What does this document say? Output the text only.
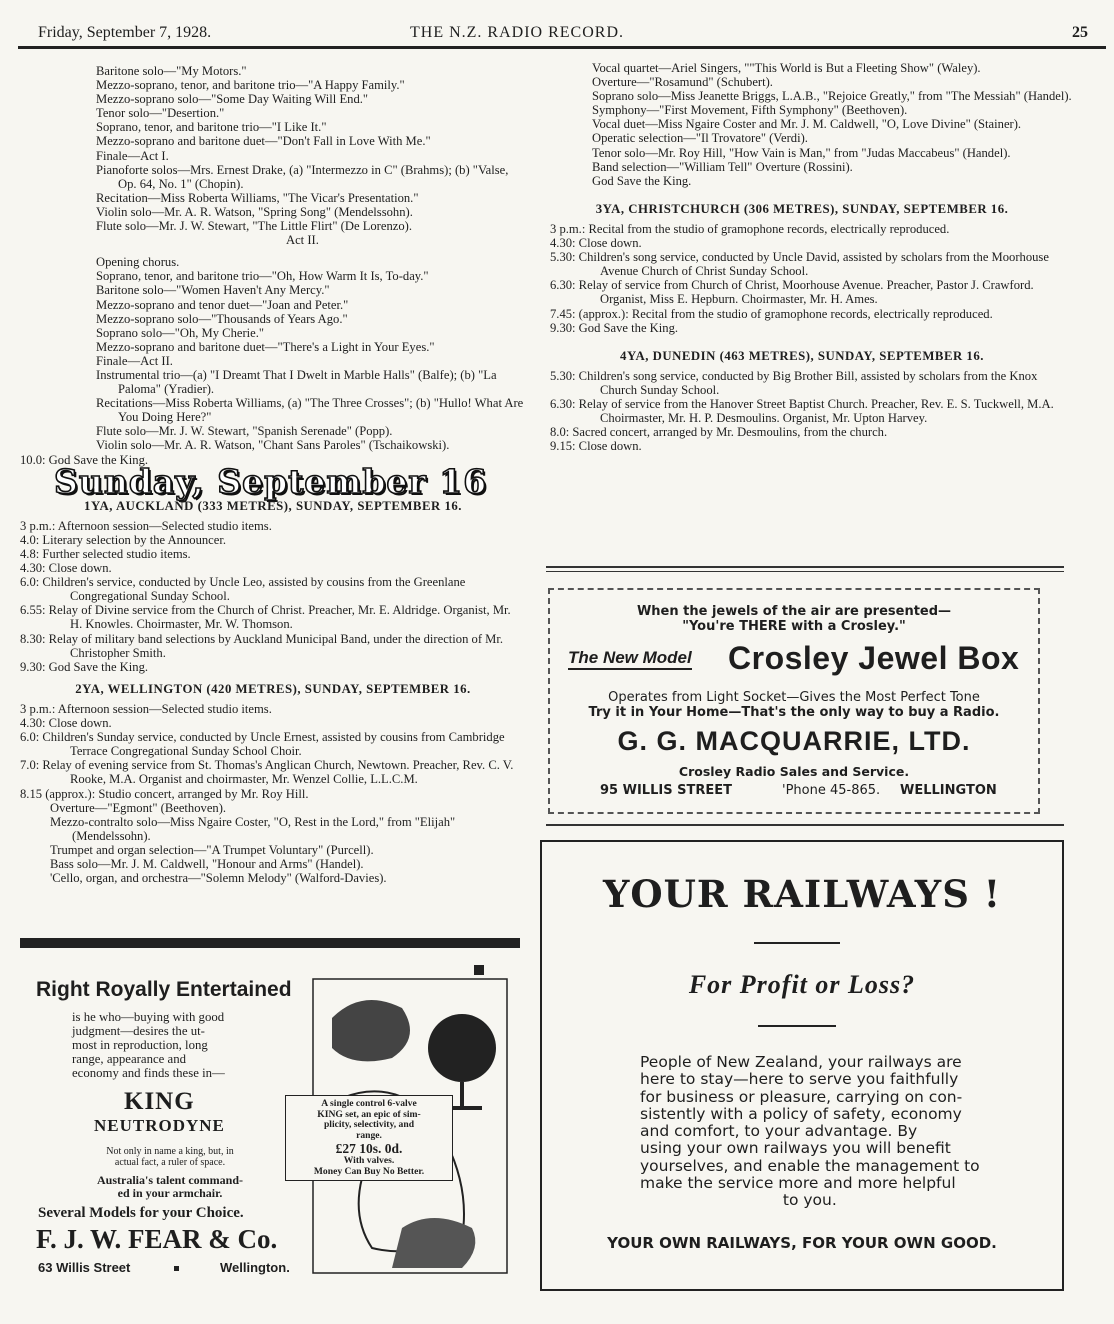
Friday, September 7, 1928.	THE N.Z. RADIO RECORD.	25
Baritone solo—"My Motors."
Mezzo-soprano, tenor, and baritone trio—"A Happy Family."
Mezzo-soprano solo—"Some Day Waiting Will End."
Tenor solo—"Desertion."
Soprano, tenor, and baritone trio—"I Like It."
Mezzo-soprano and baritone duet—"Don't Fall in Love With Me."
Finale—Act I.
Pianoforte solos—Mrs. Ernest Drake, (a) "Intermezzo in C" (Brahms); (b) "Valse, Op. 64, No. 1" (Chopin).
Recitation—Miss Roberta Williams, "The Vicar's Presentation."
Violin solo—Mr. A. R. Watson, "Spring Song" (Mendelssohn).
Flute solo—Mr. J. W. Stewart, "The Little Flirt" (De Lorenzo).
Act II.
Opening chorus.
Soprano, tenor, and baritone trio—"Oh, How Warm It Is, To-day."
Baritone solo—"Women Haven't Any Mercy."
Mezzo-soprano and tenor duet—"Joan and Peter."
Mezzo-soprano solo—"Thousands of Years Ago."
Soprano solo—"Oh, My Cherie."
Mezzo-soprano and baritone duet—"There's a Light in Your Eyes."
Finale—Act II.
Instrumental trio—(a) "I Dreamt That I Dwelt in Marble Halls" (Balfe); (b) "La Paloma" (Yradier).
Recitations—Miss Roberta Williams, (a) "The Three Crosses"; (b) "Hullo! What Are You Doing Here?"
Flute solo—Mr. J. W. Stewart, "Spanish Serenade" (Popp).
Violin solo—Mr. A. R. Watson, "Chant Sans Paroles" (Tschaikowski).
10.0: God Save the King.
Sunday, September 16
1YA, AUCKLAND (333 METRES), SUNDAY, SEPTEMBER 16.
3 p.m.: Afternoon session—Selected studio items.
4.0: Literary selection by the Announcer.
4.8: Further selected studio items.
4.30: Close down.
6.0: Children's service, conducted by Uncle Leo, assisted by cousins from the Greenlane Congregational Sunday School.
6.55: Relay of Divine service from the Church of Christ. Preacher, Mr. E. Aldridge. Organist, Mr. H. Knowles. Choirmaster, Mr. W. Thomson.
8.30: Relay of military band selections by Auckland Municipal Band, under the direction of Mr. Christopher Smith.
9.30: God Save the King.
2YA, WELLINGTON (420 METRES), SUNDAY, SEPTEMBER 16.
3 p.m.: Afternoon session—Selected studio items.
4.30: Close down.
6.0: Children's Sunday service, conducted by Uncle Ernest, assisted by cousins from Cambridge Terrace Congregational Sunday School Choir.
7.0: Relay of evening service from St. Thomas's Anglican Church, Newtown. Preacher, Rev. C. V. Rooke, M.A. Organist and choirmaster, Mr. Wenzel Collie, L.L.C.M.
8.15 (approx.): Studio concert, arranged by Mr. Roy Hill.
Overture—"Egmont" (Beethoven).
Mezzo-contralto solo—Miss Ngaire Coster, "O, Rest in the Lord," from "Elijah" (Mendelssohn).
Trumpet and organ selection—"A Trumpet Voluntary" (Purcell).
Bass solo—Mr. J. M. Caldwell, "Honour and Arms" (Handel).
'Cello, organ, and orchestra—"Solemn Melody" (Walford-Davies).
Vocal quartet—Ariel Singers, ""This World is But a Fleeting Show" (Waley).
Overture—"Rosamund" (Schubert).
Soprano solo—Miss Jeanette Briggs, L.A.B., "Rejoice Greatly," from "The Messiah" (Handel).
Symphony—"First Movement, Fifth Symphony" (Beethoven).
Vocal duet—Miss Ngaire Coster and Mr. J. M. Caldwell, "O, Love Divine" (Stainer).
Operatic selection—"Il Trovatore" (Verdi).
Tenor solo—Mr. Roy Hill, "How Vain is Man," from "Judas Maccabeus" (Handel).
Band selection—"William Tell" Overture (Rossini).
God Save the King.
3YA, CHRISTCHURCH (306 METRES), SUNDAY, SEPTEMBER 16.
3 p.m.: Recital from the studio of gramophone records, electrically reproduced.
4.30: Close down.
5.30: Children's song service, conducted by Uncle David, assisted by scholars from the Moorhouse Avenue Church of Christ Sunday School.
6.30: Relay of service from Church of Christ, Moorhouse Avenue. Preacher, Pastor J. Crawford. Organist, Miss E. Hepburn. Choirmaster, Mr. H. Ames.
7.45: (approx.): Recital from the studio of gramophone records, electrically reproduced.
9.30: God Save the King.
4YA, DUNEDIN (463 METRES), SUNDAY, SEPTEMBER 16.
5.30: Children's song service, conducted by Big Brother Bill, assisted by scholars from the Knox Church Sunday School.
6.30: Relay of service from the Hanover Street Baptist Church. Preacher, Rev. E. S. Tuckwell, M.A. Choirmaster, Mr. H. P. Desmoulins. Organist, Mr. Upton Harvey.
8.0: Sacred concert, arranged by Mr. Desmoulins, from the church.
9.15: Close down.
When the jewels of the air are presented—
"You're THERE with a Crosley."
The New Model Crosley Jewel Box
Operates from Light Socket—Gives the Most Perfect Tone
Try it in Your Home—That's the only way to buy a Radio.
G. G. MACQUARRIE, LTD.
Crosley Radio Sales and Service.
95 WILLIS STREET	'Phone 45-865. WELLINGTON
YOUR RAILWAYS !
For Profit or Loss?
People of New Zealand, your railways are
here to stay—here to serve you faithfully
for business or pleasure, carrying on con-
sistently with a policy of safety, economy
and comfort, to your advantage. By
using your own railways you will benefit
yourselves, and enable the management to
make the service more and more helpful
to you.
YOUR OWN RAILWAYS, FOR YOUR OWN GOOD.
Right Royally Entertained
is he who—buying with good
judgment—desires the ut-
most in reproduction, long
range, appearance and
economy and finds these in—
KING
NEUTRODYNE
Not only in name a king, but, in
actual fact, a ruler of space.
Australia's talent command-
ed in your armchair.
Several Models for your Choice.
F. J. W. FEAR & Co.
63 Willis Street	Wellington.
A single control 6-valve
KING set, an epic of sim-
plicity, selectivity, and
range.
£27 10s. 0d.
With valves.
Money Can Buy No Better.
